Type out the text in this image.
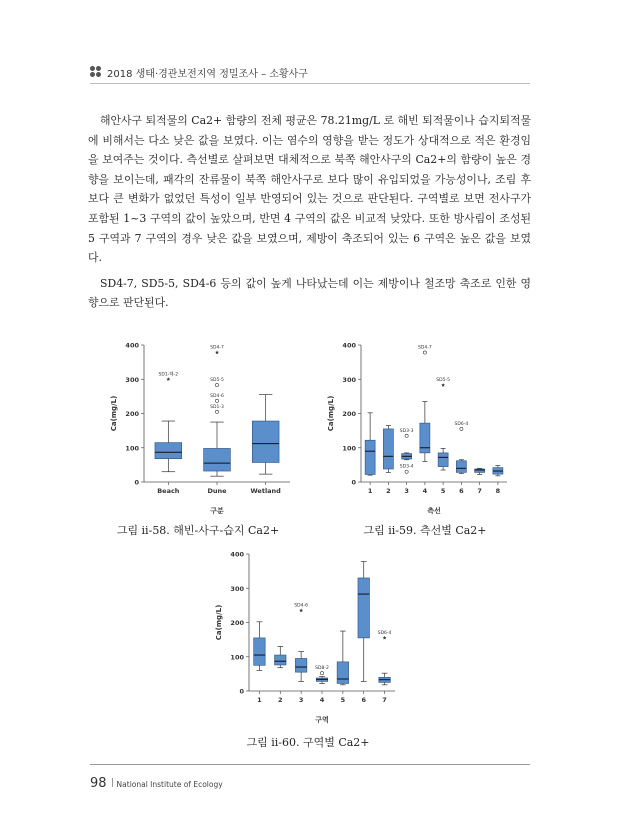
2018 생태·경관보전지역 정밀조사 – 소황사구

해안사구 퇴적물의 Ca2+ 함량의 전체 평균은 78.21mg/L 로 해빈 퇴적물이나 습지퇴적물에 비해서는 다소 낮은 값을 보였다. 이는 염수의 영향을 받는 정도가 상대적으로 적은 환경임을 보여주는 것이다. 측선별로 살펴보면 대체적으로 북쪽 해안사구의 Ca2+의 함량이 높은 경향을 보이는데, 패각의 잔류물이 북쪽 해안사구로 보다 많이 유입되었을 가능성이나, 조림 후 보다 큰 변화가 없었던 특성이 일부 반영되어 있는 것으로 판단된다. 구역별로 보면 전사구가 포함된 1~3 구역의 값이 높았으며, 반면 4 구역의 값은 비교적 낮았다. 또한 방사림이 조성된 5 구역과 7 구역의 경우 낮은 값을 보였으며, 제방이 축조되어 있는 6 구역은 높은 값을 보였다.

SD4-7, SD5-5, SD4-6 등의 값이 높게 나타났는데 이는 제방이나 철조망 축조로 인한 영향으로 판단된다.

0
100
200
300
400
Ca(mg/L)
Beach	Dune	Wetland
SD1-해-2
SD4-7
SD5-5
SD4-6
SD1-3
구분
그림 ⅱ-58. 해빈-사구-습지 Ca2+
0
100
200
300
400
Ca(mg/L)
1 2 3 4 5 6 7 8
SD4-7
SD5-5
SD6-4
SD3-3
SD3-4
측선
그림 ⅱ-59. 측선별 Ca2+
0
100
200
300
400
Ca(mg/L)
1	2	3	4	5	6	7
SD4-6
SD8-2
SD6-4
구역
그림 ⅱ-60. 구역별 Ca2+
98 National Institute of Ecology
